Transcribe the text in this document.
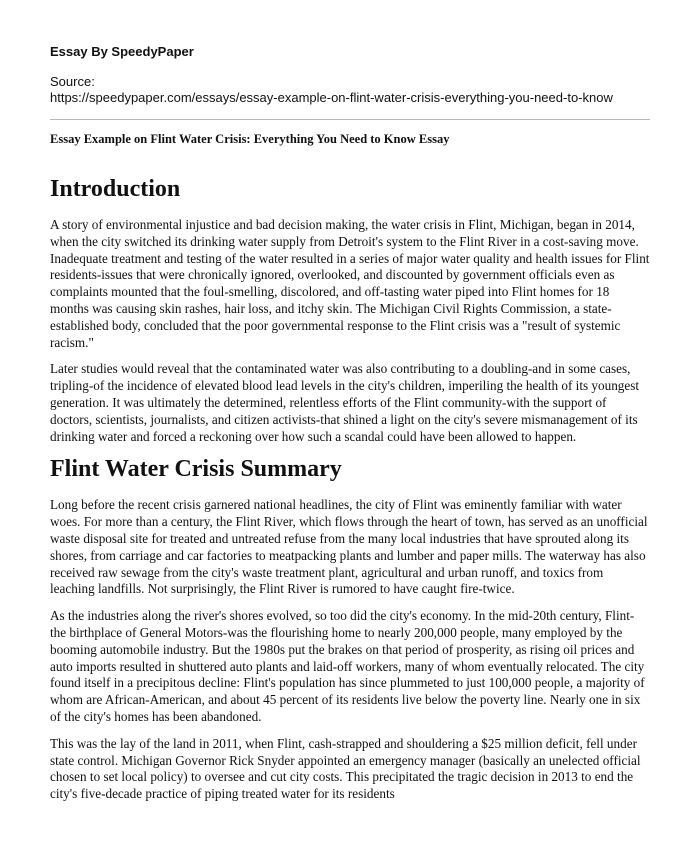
Essay By SpeedyPaper
Source:
https://speedypaper.com/essays/essay-example-on-flint-water-crisis-everything-you-need-to-know
Essay Example on Flint Water Crisis: Everything You Need to Know Essay
Introduction

A story of environmental injustice and bad decision making, the water crisis in Flint, Michigan, began in 2014, when the city switched its drinking water supply from Detroit's system to the Flint River in a cost-saving move. Inadequate treatment and testing of the water resulted in a series of major water quality and health issues for Flint residents-issues that were chronically ignored, overlooked, and discounted by government officials even as complaints mounted that the foul-smelling, discolored, and off-tasting water piped into Flint homes for 18 months was causing skin rashes, hair loss, and itchy skin. The Michigan Civil Rights Commission, a state-established body, concluded that the poor governmental response to the Flint crisis was a "result of systemic racism."

Later studies would reveal that the contaminated water was also contributing to a doubling-and in some cases, tripling-of the incidence of elevated blood lead levels in the city's children, imperiling the health of its youngest generation. It was ultimately the determined, relentless efforts of the Flint community-with the support of doctors, scientists, journalists, and citizen activists-that shined a light on the city's severe mismanagement of its drinking water and forced a reckoning over how such a scandal could have been allowed to happen.

Flint Water Crisis Summary

Long before the recent crisis garnered national headlines, the city of Flint was eminently familiar with water woes. For more than a century, the Flint River, which flows through the heart of town, has served as an unofficial waste disposal site for treated and untreated refuse from the many local industries that have sprouted along its shores, from carriage and car factories to meatpacking plants and lumber and paper mills. The waterway has also received raw sewage from the city's waste treatment plant, agricultural and urban runoff, and toxics from leaching landfills. Not surprisingly, the Flint River is rumored to have caught fire-twice.

As the industries along the river's shores evolved, so too did the city's economy. In the mid-20th century, Flint-the birthplace of General Motors-was the flourishing home to nearly 200,000 people, many employed by the booming automobile industry. But the 1980s put the brakes on that period of prosperity, as rising oil prices and auto imports resulted in shuttered auto plants and laid-off workers, many of whom eventually relocated. The city found itself in a precipitous decline: Flint's population has since plummeted to just 100,000 people, a majority of whom are African-American, and about 45 percent of its residents live below the poverty line. Nearly one in six of the city's homes has been abandoned.

This was the lay of the land in 2011, when Flint, cash-strapped and shouldering a $25 million deficit, fell under state control. Michigan Governor Rick Snyder appointed an emergency manager (basically an unelected official chosen to set local policy) to oversee and cut city costs. This precipitated the tragic decision in 2013 to end the city's five-decade practice of piping treated water for its residents
